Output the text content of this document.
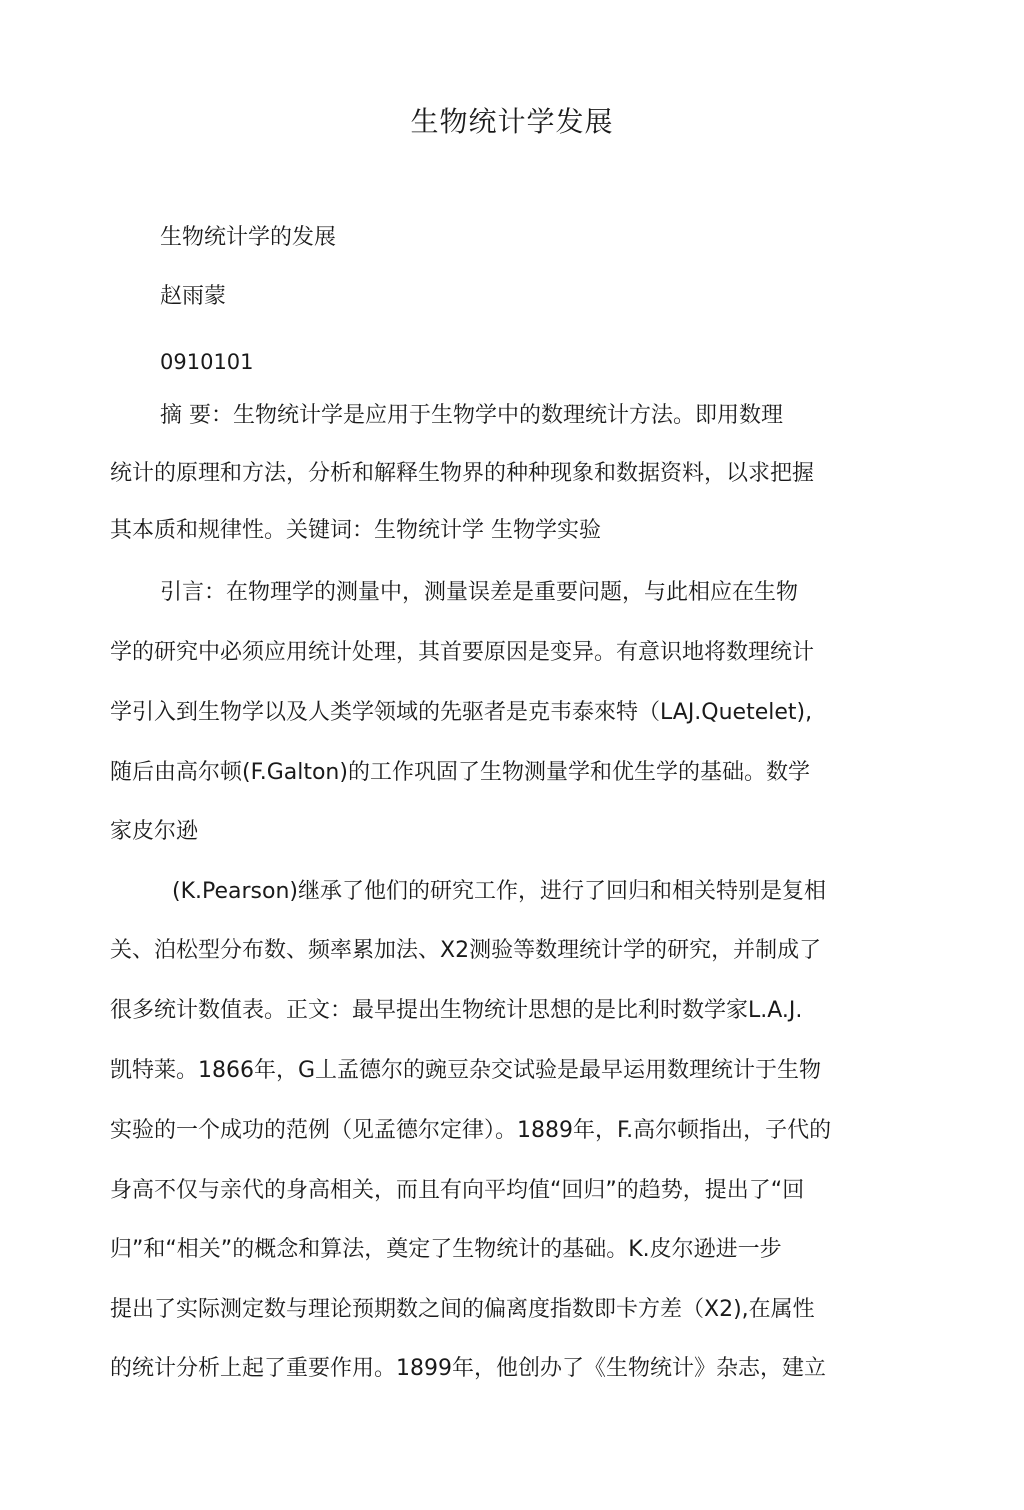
生物统计学发展
生物统计学的发展
赵雨蒙
0910101
摘 要：生物统计学是应用于生物学中的数理统计方法。即用数理
统计的原理和方法，分析和解释生物界的种种现象和数据资料，以求把握
其本质和规律性。关键词：生物统计学 生物学实验
引言：在物理学的测量中，测量误差是重要问题，与此相应在生物
学的研究中必须应用统计处理，其首要原因是变异。有意识地将数理统计
学引入到生物学以及人类学领域的先驱者是克韦泰來特（LAJ.Quetelet),
随后由高尔顿(F.Galton)的工作巩固了生物测量学和优生学的基础。数学
家皮尔逊
(K.Pearson)继承了他们的研究工作，进行了回归和相关特别是复相
关、泊松型分布数、频率累加法、X2测验等数理统计学的研究，并制成了
很多统计数值表。正文：最早提出生物统计思想的是比利时数学家L.A.J.
凯特莱。1866年，G丄孟德尔的豌豆杂交试验是最早运用数理统计于生物
实验的一个成功的范例（见孟德尔定律）。1889年，F.高尔顿指出，子代的
身高不仅与亲代的身高相关，而且有向平均值“回归”的趋势，提出了“回
归”和“相关”的概念和算法，奠定了生物统计的基础。K.皮尔逊进一步
提出了实际测定数与理论预期数之间的偏离度指数即卡方差（X2),在属性
的统计分析上起了重要作用。1899年，他创办了《生物统计》杂志，建立
